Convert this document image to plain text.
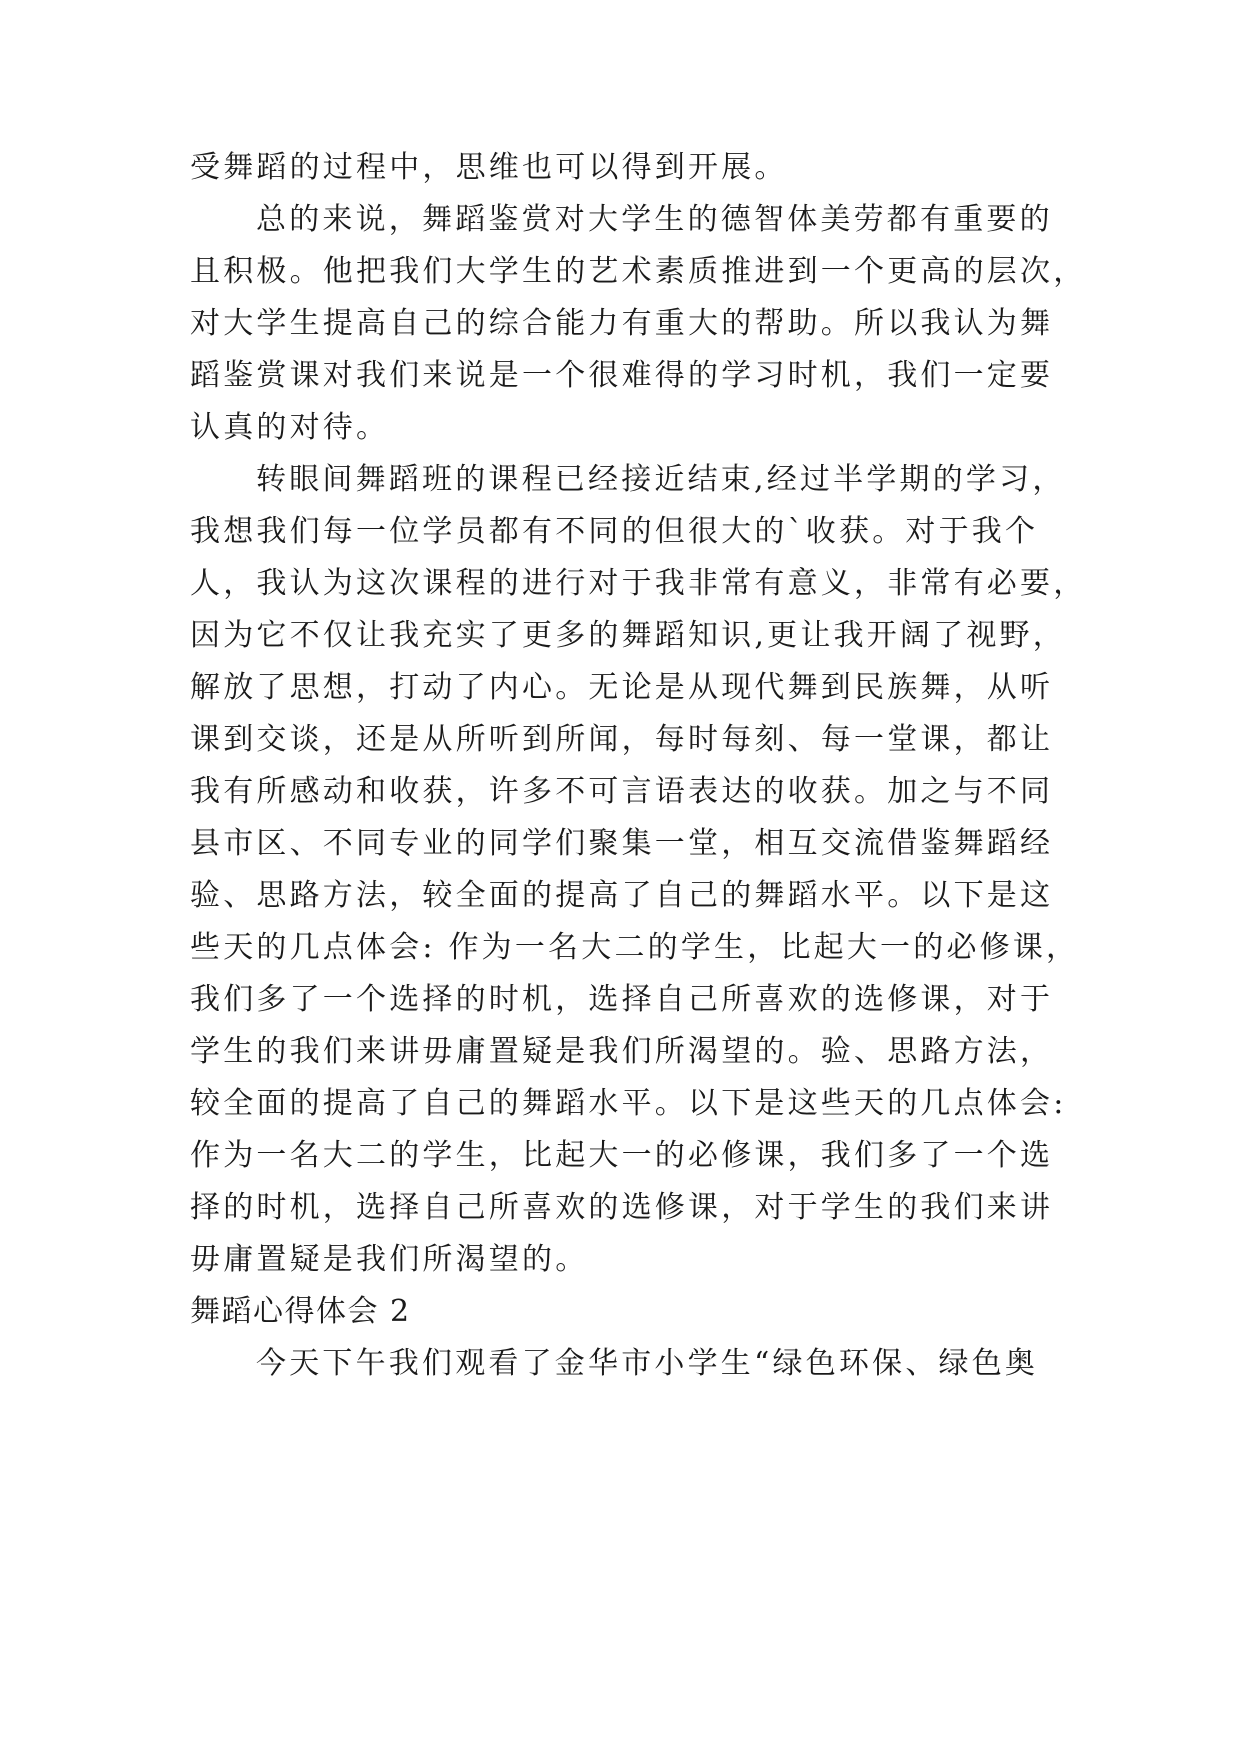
受舞蹈的过程中，思维也可以得到开展。
总的来说，舞蹈鉴赏对大学生的德智体美劳都有重要的
且积极。他把我们大学生的艺术素质推进到一个更高的层次，
对大学生提高自己的综合能力有重大的帮助。所以我认为舞
蹈鉴赏课对我们来说是一个很难得的学习时机，我们一定要
认真的对待。
转眼间舞蹈班的课程已经接近结束,经过半学期的学习，
我想我们每一位学员都有不同的但很大的`收获。对于我个
人，我认为这次课程的进行对于我非常有意义，非常有必要，
因为它不仅让我充实了更多的舞蹈知识,更让我开阔了视野，
解放了思想，打动了内心。无论是从现代舞到民族舞，从听
课到交谈，还是从所听到所闻，每时每刻、每一堂课，都让
我有所感动和收获，许多不可言语表达的收获。加之与不同
县市区、不同专业的同学们聚集一堂，相互交流借鉴舞蹈经
验、思路方法，较全面的提高了自己的舞蹈水平。以下是这
些天的几点体会: 作为一名大二的学生，比起大一的必修课，
我们多了一个选择的时机，选择自己所喜欢的选修课，对于
学生的我们来讲毋庸置疑是我们所渴望的。验、思路方法，
较全面的提高了自己的舞蹈水平。以下是这些天的几点体会:
作为一名大二的学生，比起大一的必修课，我们多了一个选
择的时机，选择自己所喜欢的选修课，对于学生的我们来讲
毋庸置疑是我们所渴望的。
舞蹈心得体会 2
今天下午我们观看了金华市小学生“绿色环保、绿色奥
